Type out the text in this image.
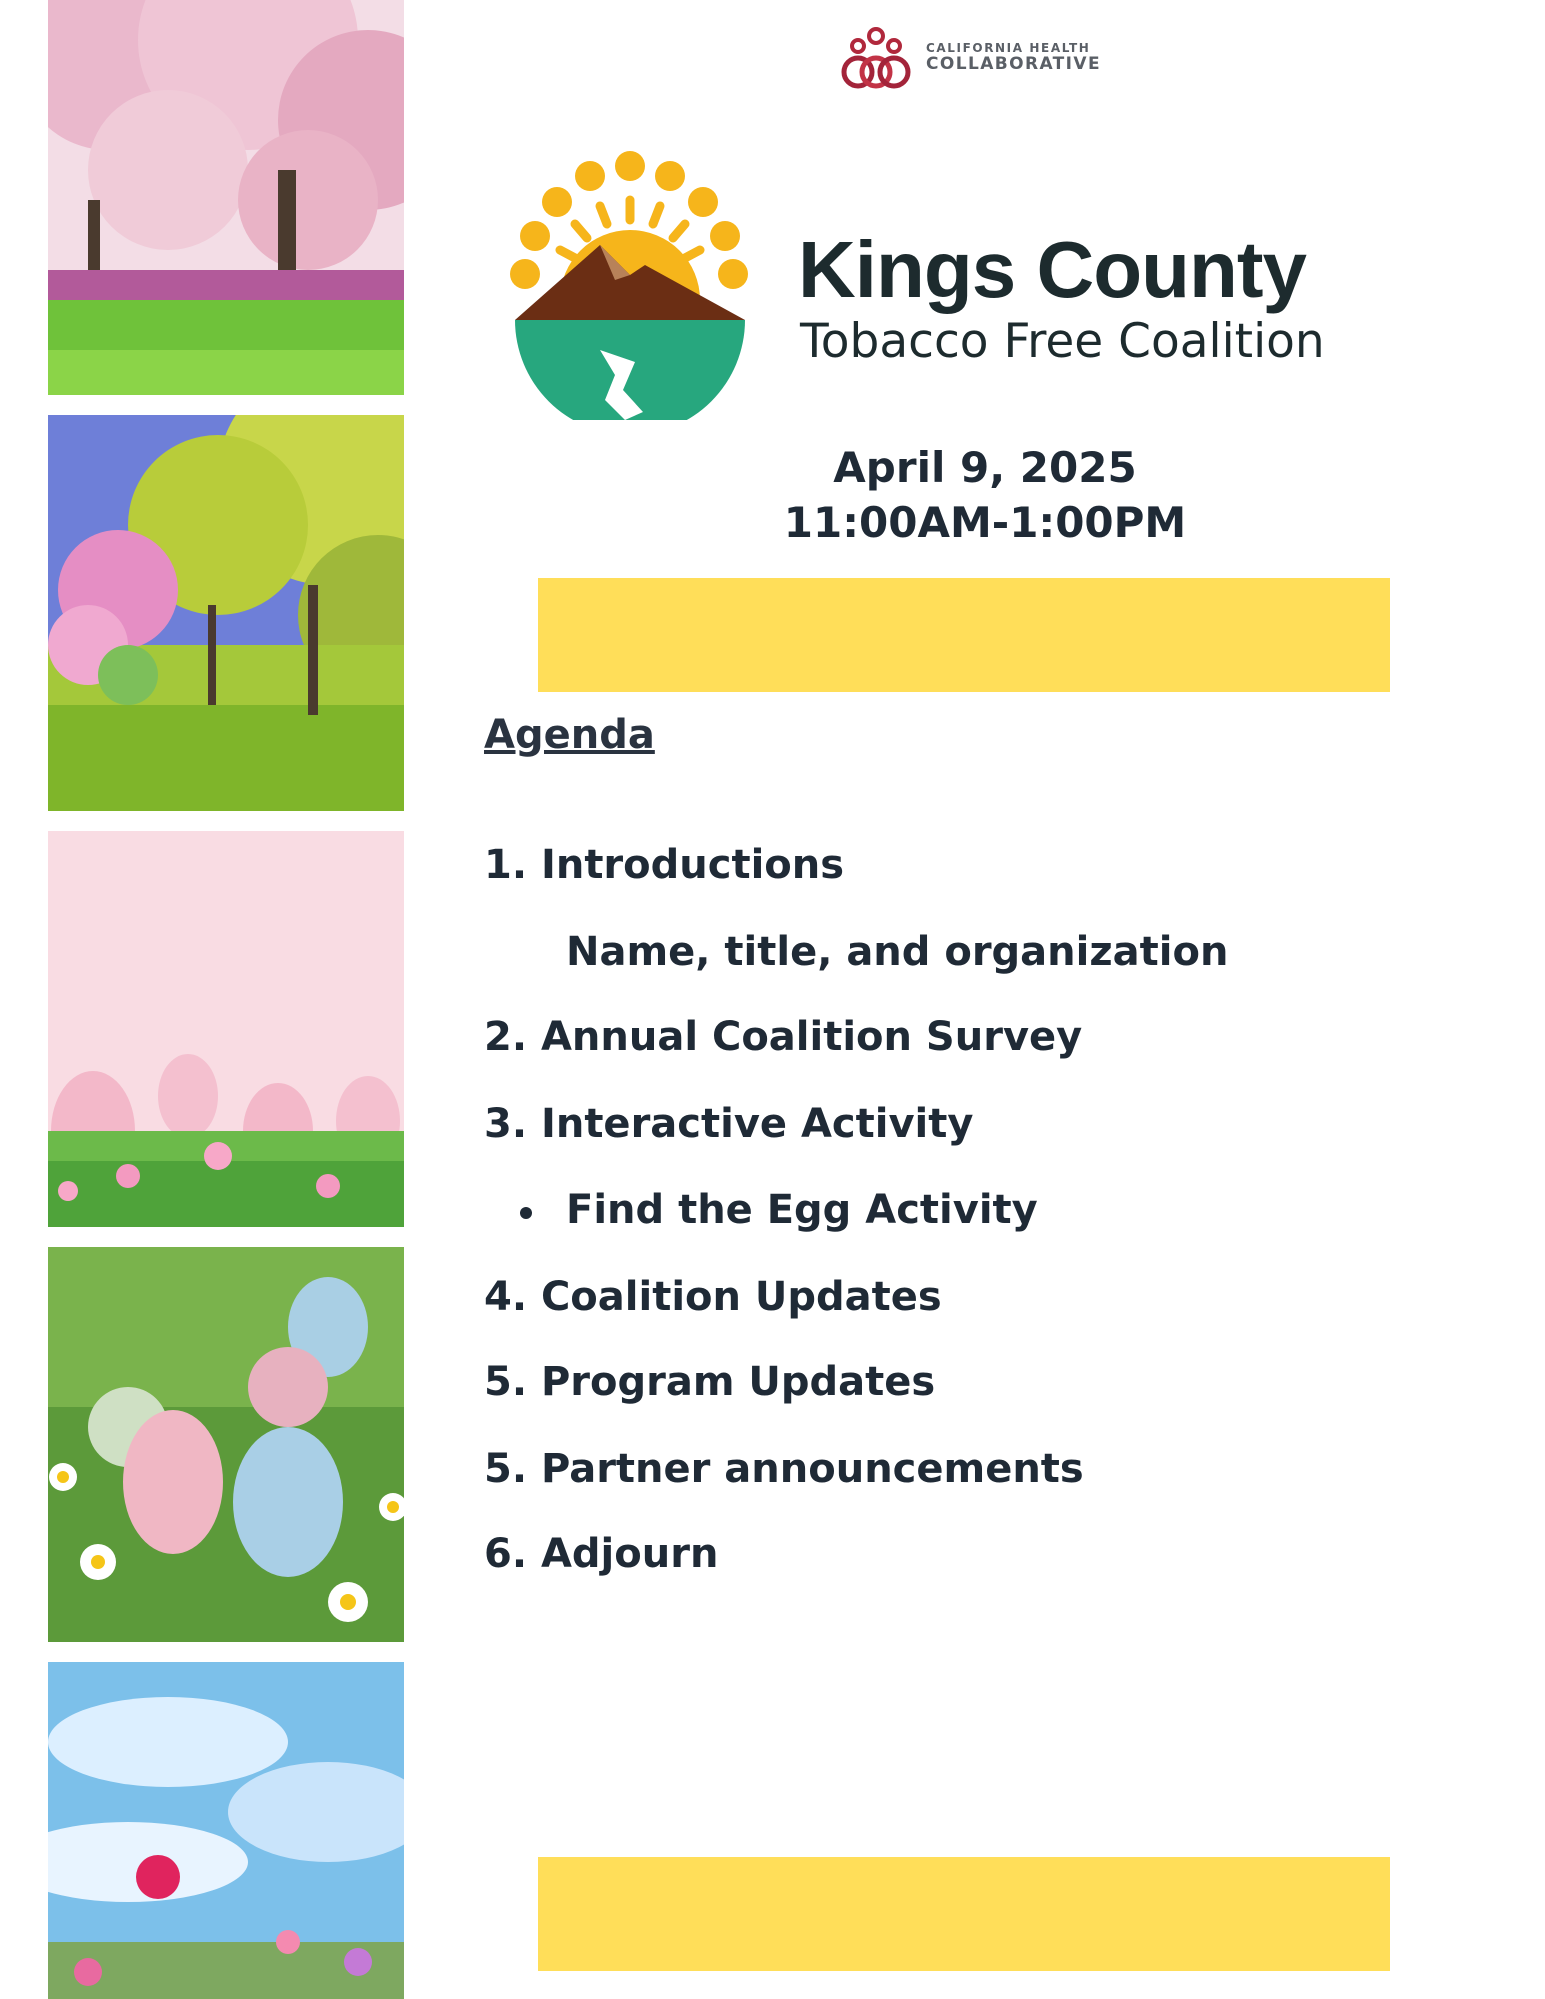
CALIFORNIA HEALTH
COLLABORATIVE
Kings County
Tobacco Free Coalition
April 9, 2025
11:00AM-1:00PM
Agenda
1. Introductions
Name, title, and organization
2. Annual Coalition Survey
3. Interactive Activity
Find the Egg Activity
4. Coalition Updates
5. Program Updates
5. Partner announcements
6. Adjourn
